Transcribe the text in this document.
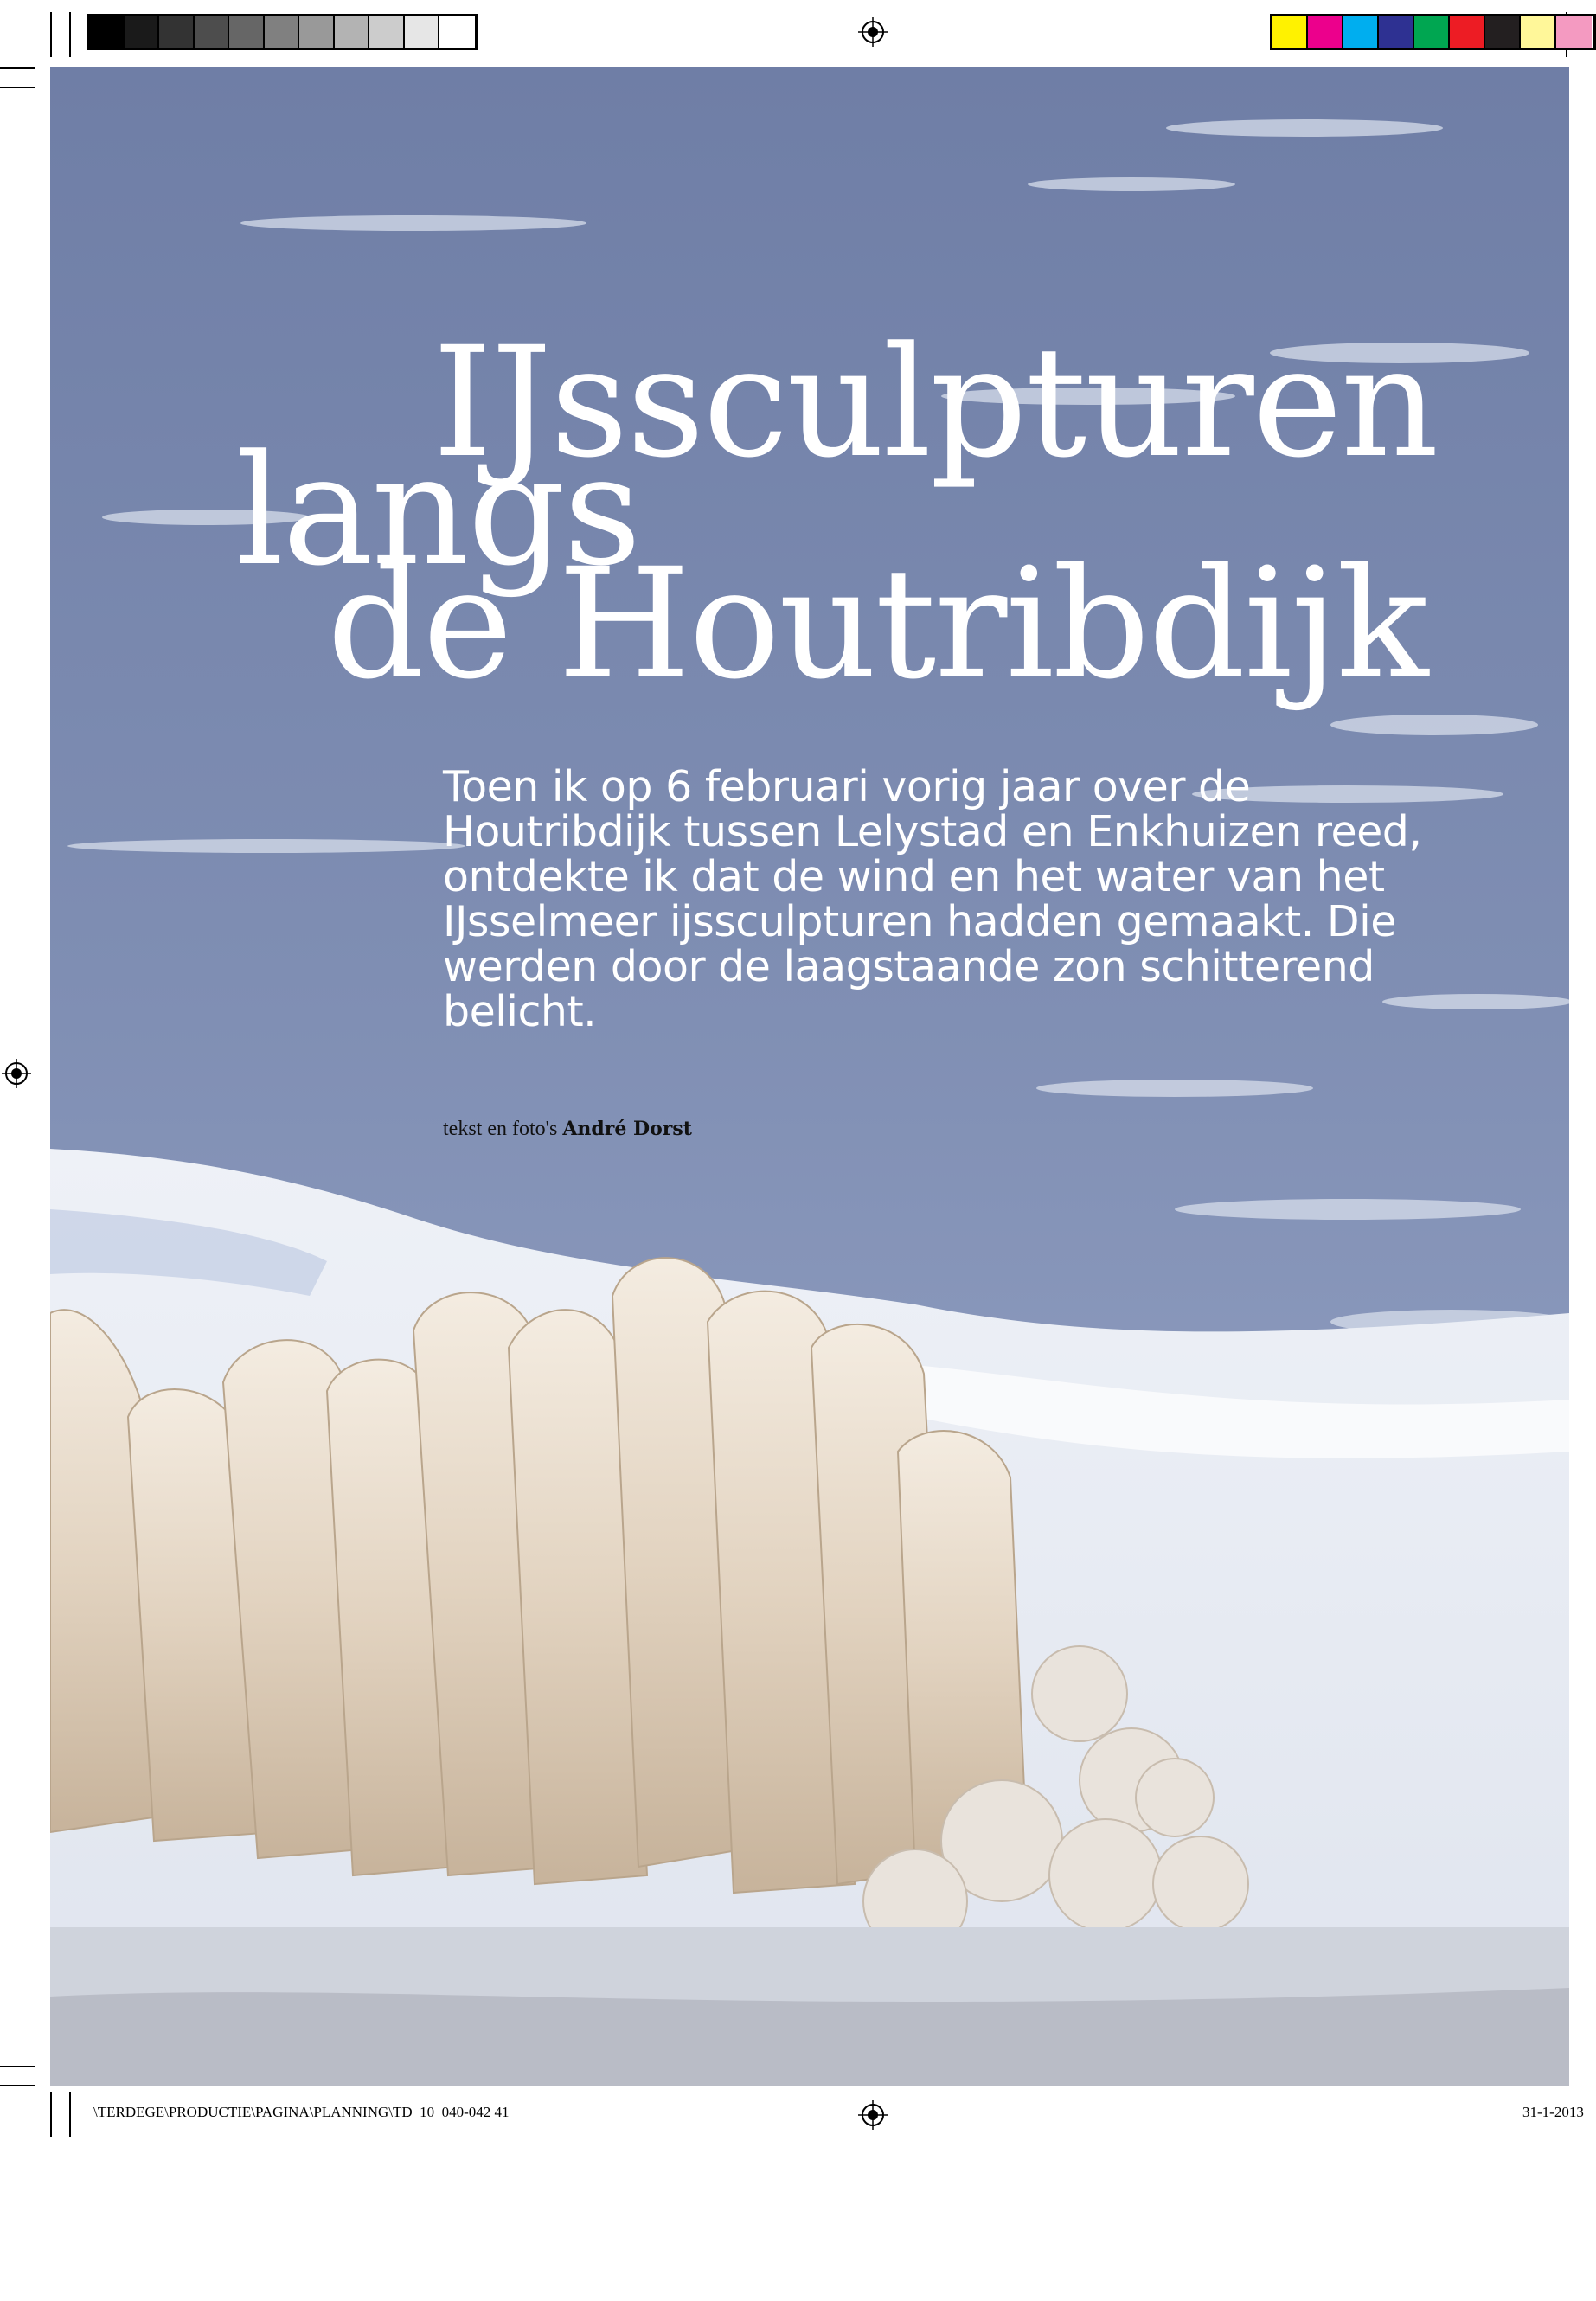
IJssculpturen
langs
de Houtribdijk
Toen ik op 6 februari vorig jaar over de Houtribdijk tussen Lelystad en Enkhuizen reed, ontdekte ik dat de wind en het water van het IJsselmeer ijssculpturen hadden gemaakt. Die werden door de laagstaande zon schitterend belicht.
tekst en foto's André Dorst
\TERDEGE\PRODUCTIE\PAGINA\PLANNING\TD_10_040-042 41	31-1-2013
